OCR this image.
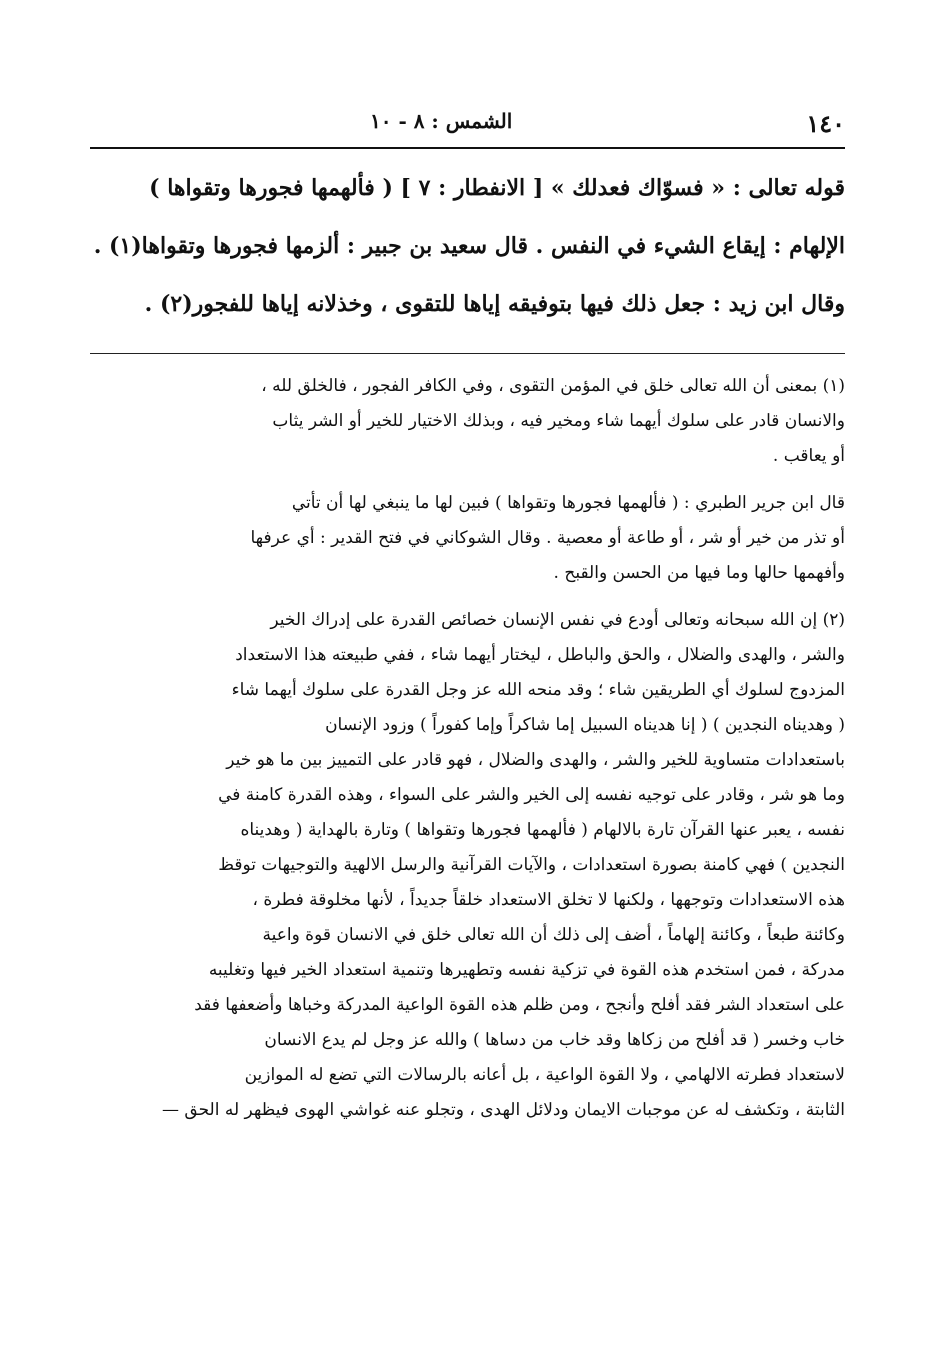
١٤٠
الشمس : ٨ - ١٠
قوله تعالى : « فسوّاك فعدلك » [ الانفطار : ٧ ] ( فألهمها فجورها وتقواها )
الإلهام : إيقاع الشيء في النفس . قال سعيد بن جبير : ألزمها فجورها وتقواها(١) .
وقال ابن زيد : جعل ذلك فيها بتوفيقه إياها للتقوى ، وخذلانه إياها للفجور(٢) .
(١) بمعنى أن الله تعالى خلق في المؤمن التقوى ، وفي الكافر الفجور ، فالخلق لله ،
والانسان قادر على سلوك أيهما شاء ومخير فيه ، وبذلك الاختيار للخير أو الشر يثاب
أو يعاقب .
قال ابن جرير الطبري : ( فألهمها فجورها وتقواها ) فبين لها ما ينبغي لها أن تأتي
أو تذر من خير أو شر ، أو طاعة أو معصية . وقال الشوكاني في فتح القدير : أي عرفها
وأفهمها حالها وما فيها من الحسن والقبح .
(٢) إن الله سبحانه وتعالى أودع في نفس الإنسان خصائص القدرة على إدراك الخير
والشر ، والهدى والضلال ، والحق والباطل ، ليختار أيهما شاء ، ففي طبيعته هذا الاستعداد
المزدوج لسلوك أي الطريقين شاء ؛ وقد منحه الله عز وجل القدرة على سلوك أيهما شاء
( وهديناه النجدين ) ( إنا هديناه السبيل إما شاكراً وإما كفوراً ) وزود الإنسان
باستعدادات متساوية للخير والشر ، والهدى والضلال ، فهو قادر على التمييز بين ما هو خير
وما هو شر ، وقادر على توجيه نفسه إلى الخير والشر على السواء ، وهذه القدرة كامنة في
نفسه ، يعبر عنها القرآن تارة بالالهام ( فألهمها فجورها وتقواها ) وتارة بالهداية ( وهديناه
النجدين ) فهي كامنة بصورة استعدادات ، والآيات القرآنية والرسل الالهية والتوجيهات توقظ
هذه الاستعدادات وتوجهها ، ولكنها لا تخلق الاستعداد خلقاً جديداً ، لأنها مخلوقة فطرة ،
وكائنة طبعاً ، وكائنة إلهاماً ، أضف إلى ذلك أن الله تعالى خلق في الانسان قوة واعية
مدركة ، فمن استخدم هذه القوة في تزكية نفسه وتطهيرها وتنمية استعداد الخير فيها وتغليبه
على استعداد الشر فقد أفلح وأنجح ، ومن ظلم هذه القوة الواعية المدركة وخباها وأضعفها فقد
خاب وخسر ( قد أفلح من زكاها وقد خاب من دساها ) والله عز وجل لم يدع الانسان
لاستعداد فطرته الالهامي ، ولا القوة الواعية ، بل أعانه بالرسالات التي تضع له الموازين
الثابتة ، وتكشف له عن موجبات الايمان ودلائل الهدى ، وتجلو عنه غواشي الهوى فيظهر له الحق —
